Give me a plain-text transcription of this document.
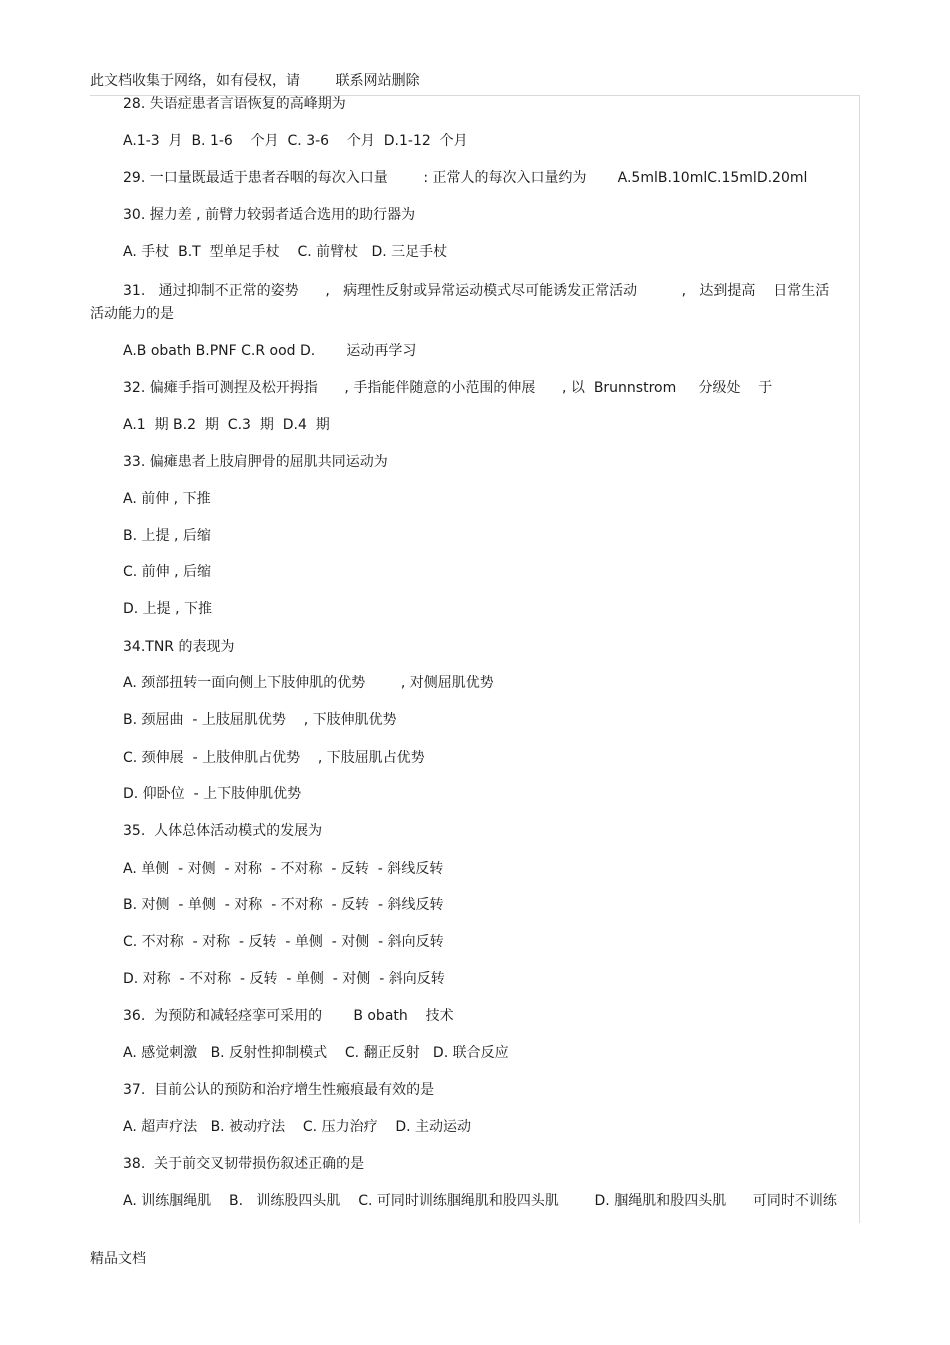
此文档收集于网络，如有侵权，请        联系网站删除
28. 失语症患者言语恢复的高峰期为
A.1-3  月  B. 1-6    个月  C. 3-6    个月  D.1-12  个月
29. 一口量既最适于患者吞咽的每次入口量        : 正常人的每次入口量约为       A.5mlB.10mlC.15mlD.20ml
30. 握力差 , 前臂力较弱者适合选用的助行器为
A. 手杖  B.T  型单足手杖    C. 前臂杖   D. 三足手杖
31.   通过抑制不正常的姿势      ,   病理性反射或异常运动模式尽可能诱发正常活动          ,   达到提高    日常生活
活动能力的是
A.B obath B.PNF C.R ood D.       运动再学习
32. 偏瘫手指可测捏及松开拇指      , 手指能伴随意的小范围的伸展      , 以  Brunnstrom     分级处    于
A.1  期 B.2  期  C.3  期  D.4  期
33. 偏瘫患者上肢肩胛骨的屈肌共同运动为
A. 前伸 , 下推
B. 上提 , 后缩
C. 前伸 , 后缩
D. 上提 , 下推
34.TNR 的表现为
A. 颈部扭转一面向侧上下肢伸肌的优势        , 对侧屈肌优势
B. 颈屈曲  - 上肢屈肌优势    , 下肢伸肌优势
C. 颈伸展  - 上肢伸肌占优势    , 下肢屈肌占优势
D. 仰卧位  - 上下肢伸肌优势
35.  人体总体活动模式的发展为
A. 单侧  - 对侧  - 对称  - 不对称  - 反转  - 斜线反转
B. 对侧  - 单侧  - 对称  - 不对称  - 反转  - 斜线反转
C. 不对称  - 对称  - 反转  - 单侧  - 对侧  - 斜向反转
D. 对称  - 不对称  - 反转  - 单侧  - 对侧  - 斜向反转
36.  为预防和减轻痉挛可采用的       B obath    技术
A. 感觉刺激   B. 反射性抑制模式    C. 翻正反射   D. 联合反应
37.  目前公认的预防和治疗增生性瘢痕最有效的是
A. 超声疗法   B. 被动疗法    C. 压力治疗    D. 主动运动
38.  关于前交叉韧带损伤叙述正确的是
A. 训练腘绳肌    B.   训练股四头肌    C. 可同时训练腘绳肌和股四头肌        D. 腘绳肌和股四头肌      可同时不训练
精品文档
